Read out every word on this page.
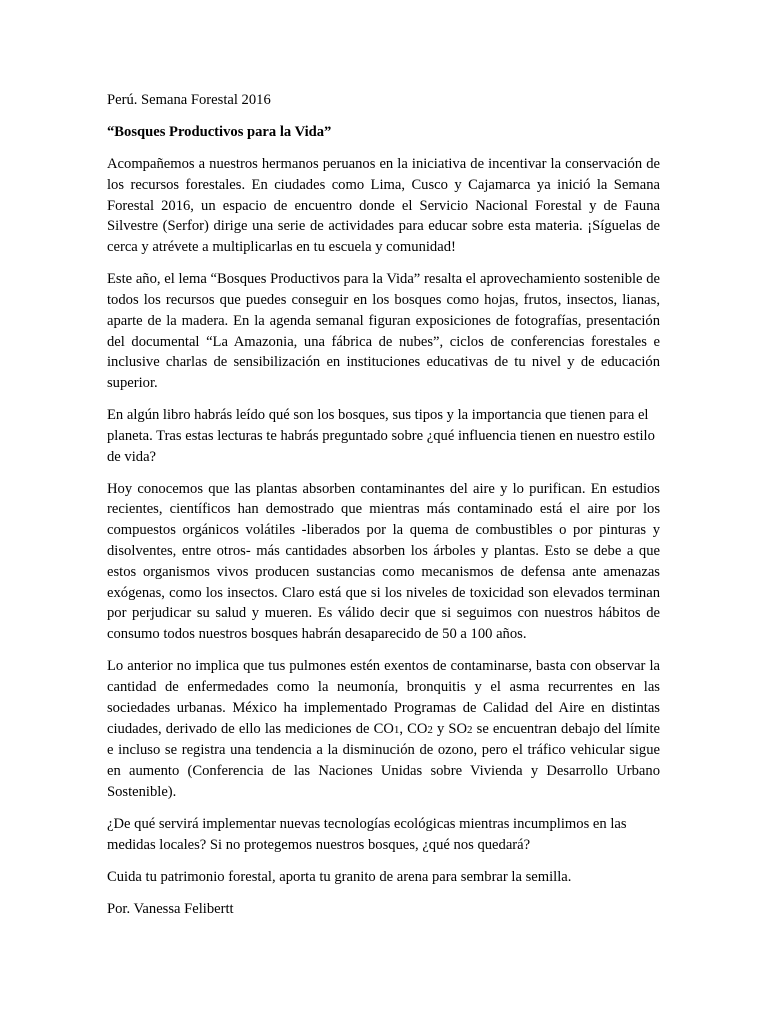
Perú. Semana Forestal 2016

“Bosques Productivos para la Vida”

Acompañemos a nuestros hermanos peruanos en la iniciativa de incentivar la conservación de los recursos forestales. En ciudades como Lima, Cusco y Cajamarca ya inició la Semana Forestal 2016, un espacio de encuentro donde el Servicio Nacional Forestal y de Fauna Silvestre (Serfor) dirige una serie de actividades para educar sobre esta materia. ¡Síguelas de cerca y atrévete a multiplicarlas en tu escuela y comunidad!

Este año, el lema “Bosques Productivos para la Vida” resalta el aprovechamiento sostenible de todos los recursos que puedes conseguir en los bosques como hojas, frutos, insectos, lianas, aparte de la madera. En la agenda semanal figuran exposiciones de fotografías, presentación del documental “La Amazonia, una fábrica de nubes”, ciclos de conferencias forestales e inclusive charlas de sensibilización en instituciones educativas de tu nivel y de educación superior.

En algún libro habrás leído qué son los bosques, sus tipos y la importancia que tienen para el planeta. Tras estas lecturas te habrás preguntado sobre ¿qué influencia tienen en nuestro estilo de vida?

Hoy conocemos que las plantas absorben contaminantes del aire y lo purifican. En estudios recientes, científicos han demostrado que mientras más contaminado está el aire por los compuestos orgánicos volátiles -liberados por la quema de combustibles o por pinturas y disolventes, entre otros- más cantidades absorben los árboles y plantas. Esto se debe a que estos organismos vivos producen sustancias como mecanismos de defensa ante amenazas exógenas, como los insectos. Claro está que si los niveles de toxicidad son elevados terminan por perjudicar su salud y mueren. Es válido decir que si seguimos con nuestros hábitos de consumo todos nuestros bosques habrán desaparecido de 50 a 100 años.

Lo anterior no implica que tus pulmones estén exentos de contaminarse, basta con observar la cantidad de enfermedades como la neumonía, bronquitis y el asma recurrentes en las sociedades urbanas. México ha implementado Programas de Calidad del Aire en distintas ciudades, derivado de ello las mediciones de CO1, CO2 y SO2 se encuentran debajo del límite e incluso se registra una tendencia a la disminución de ozono, pero el tráfico vehicular sigue en aumento (Conferencia de las Naciones Unidas sobre Vivienda y Desarrollo Urbano Sostenible).

¿De qué servirá implementar nuevas tecnologías ecológicas mientras incumplimos en las medidas locales? Si no protegemos nuestros bosques, ¿qué nos quedará?

Cuida tu patrimonio forestal, aporta tu granito de arena para sembrar la semilla.

Por. Vanessa Felibertt
